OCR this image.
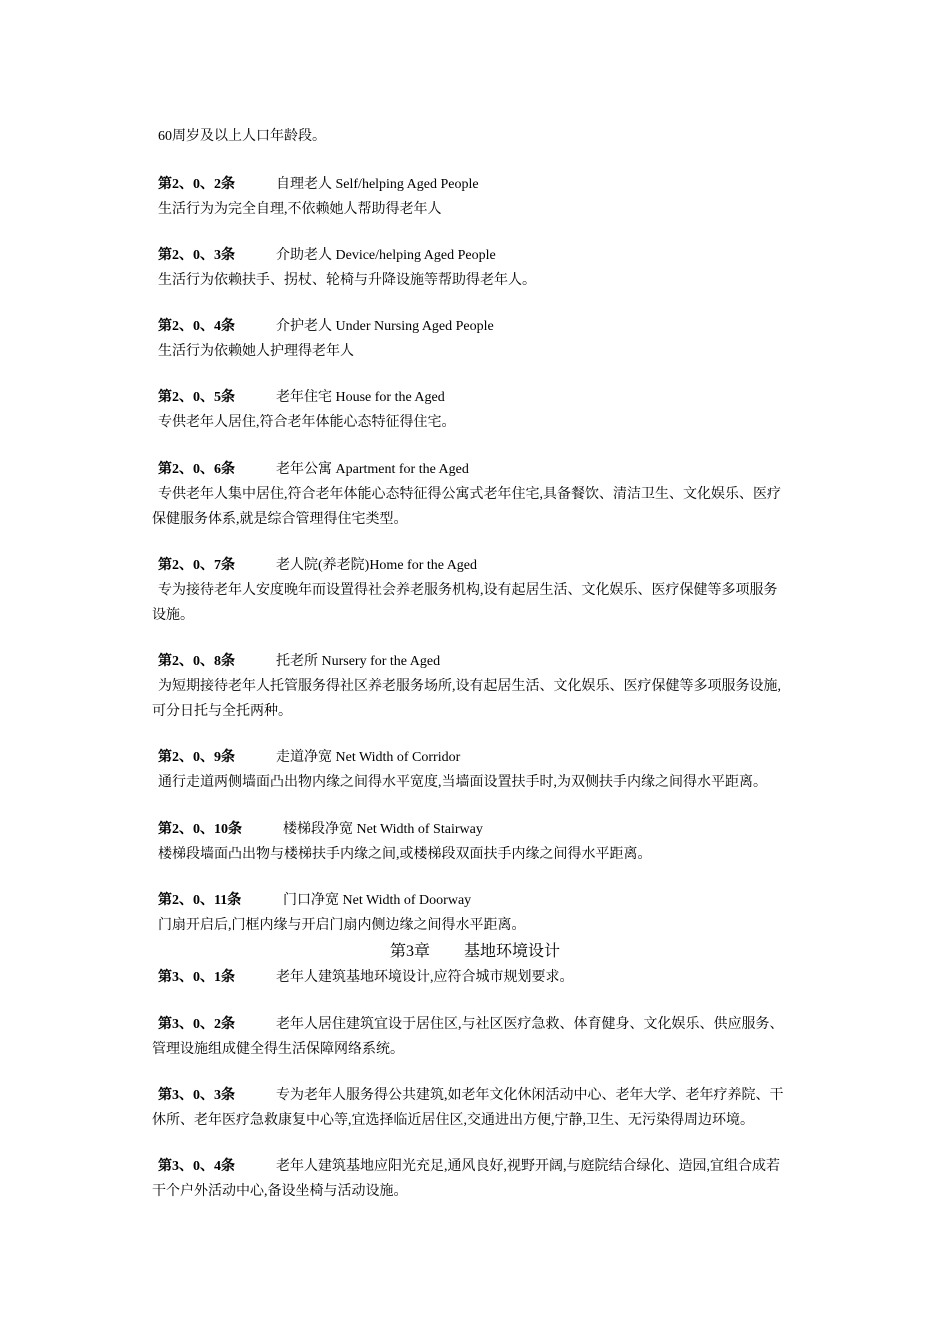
60周岁及以上人口年龄段。
第2、0、2条	自理老人 Self/helping Aged People
生活行为为完全自理,不依赖她人帮助得老年人
第2、0、3条	介助老人 Device/helping Aged People
生活行为依赖扶手、拐杖、轮椅与升降设施等帮助得老年人。
第2、0、4条	介护老人 Under Nursing Aged People
生活行为依赖她人护理得老年人
第2、0、5条	老年住宅 House for the Aged
专供老年人居住,符合老年体能心态特征得住宅。
第2、0、6条	老年公寓 Apartment for the Aged
专供老年人集中居住,符合老年体能心态特征得公寓式老年住宅,具备餐饮、清洁卫生、文化娱乐、医疗
保健服务体系,就是综合管理得住宅类型。
第2、0、7条	老人院(养老院)Home for the Aged
专为接待老年人安度晚年而设置得社会养老服务机构,设有起居生活、文化娱乐、医疗保健等多项服务
设施。
第2、0、8条	托老所 Nursery for the Aged
为短期接待老年人托管服务得社区养老服务场所,设有起居生活、文化娱乐、医疗保健等多项服务设施,
可分日托与全托两种。
第2、0、9条	走道净宽 Net Width of Corridor
通行走道两侧墙面凸出物内缘之间得水平宽度,当墙面设置扶手时,为双侧扶手内缘之间得水平距离。
第2、0、10条	楼梯段净宽 Net Width of Stairway
楼梯段墙面凸出物与楼梯扶手内缘之间,或楼梯段双面扶手内缘之间得水平距离。
第2、0、11条	门口净宽 Net Width of Doorway
门扇开启后,门框内缘与开启门扇内侧边缘之间得水平距离。
第3章 基地环境设计
第3、0、1条	老年人建筑基地环境设计,应符合城市规划要求。
第3、0、2条	老年人居住建筑宜设于居住区,与社区医疗急救、体育健身、文化娱乐、供应服务、
管理设施组成健全得生活保障网络系统。
第3、0、3条	专为老年人服务得公共建筑,如老年文化休闲活动中心、老年大学、老年疗养院、干
休所、老年医疗急救康复中心等,宜选择临近居住区,交通进出方便,宁静,卫生、无污染得周边环境。
第3、0、4条	老年人建筑基地应阳光充足,通风良好,视野开阔,与庭院结合绿化、造园,宜组合成若
干个户外活动中心,备设坐椅与活动设施。
